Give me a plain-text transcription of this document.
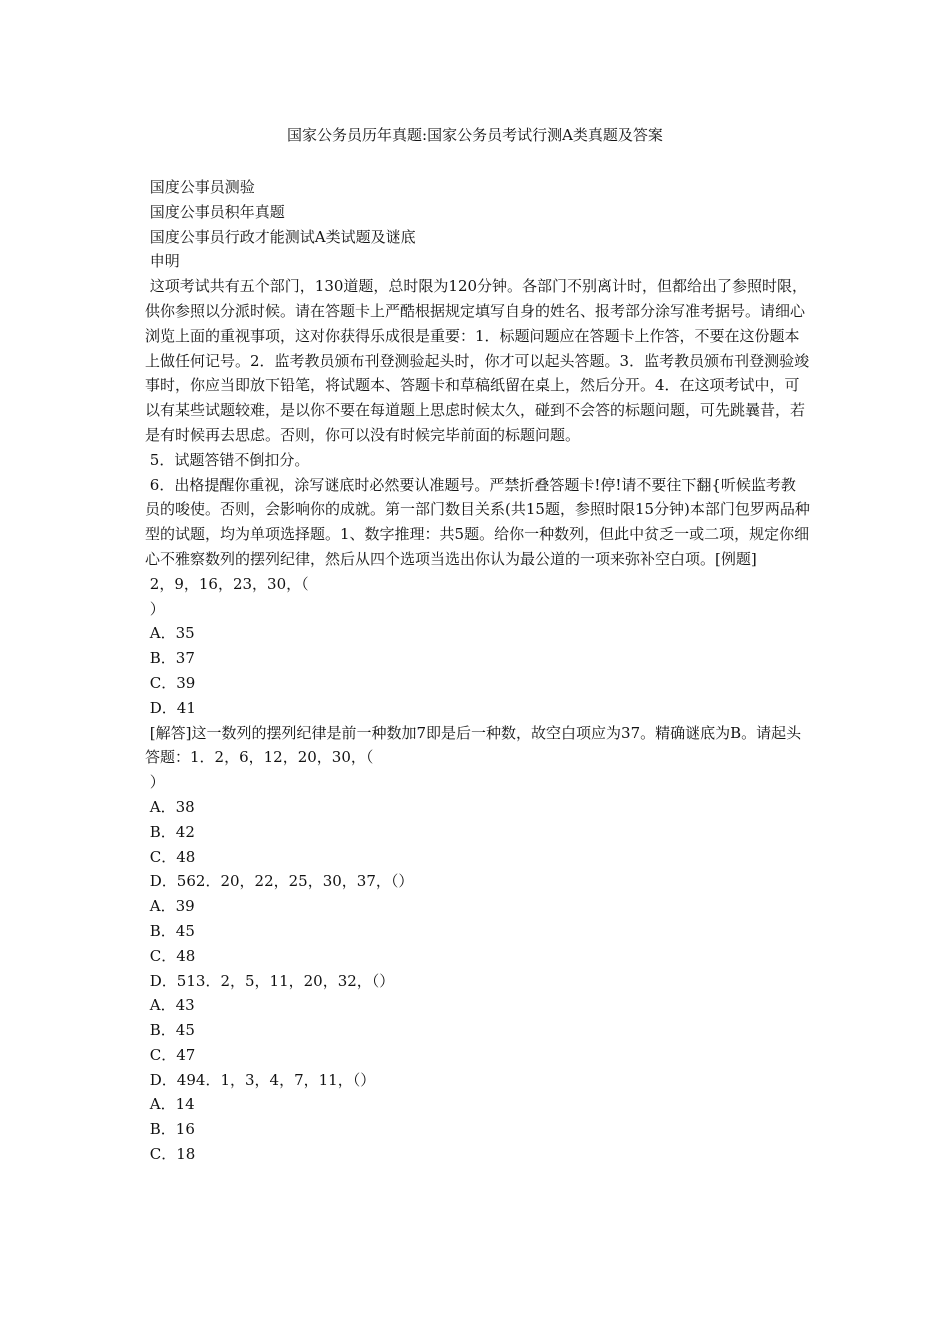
国家公务员历年真题:国家公务员考试行测A类真题及答案

国度公事员测验

国度公事员积年真题

国度公事员行政才能测试A类试题及谜底

申明

这项考试共有五个部门，130道题，总时限为120分钟。各部门不别离计时，但都给出了参照时限，供你参照以分派时候。请在答题卡上严酷根据规定填写自身的姓名、报考部分涂写准考据号。请细心浏览上面的重视事项，这对你获得乐成很是重要：1．标题问题应在答题卡上作答，不要在这份题本上做任何记号。2．监考教员颁布刊登测验起头时，你才可以起头答题。3．监考教员颁布刊登测验竣事时，你应当即放下铅笔，将试题本、答题卡和草稿纸留在桌上，然后分开。4．在这项考试中，可以有某些试题较难，是以你不要在每道题上思虑时候太久，碰到不会答的标题问题，可先跳曩昔，若是有时候再去思虑。否则，你可以没有时候完毕前面的标题问题。

5．试题答错不倒扣分。

6．出格提醒你重视，涂写谜底时必然要认准题号。严禁折叠答题卡!停!请不要往下翻{听候监考教员的唆使。否则，会影响你的成就。第一部门数目关系(共15题，参照时限15分钟)本部门包罗两品种型的试题，均为单项选择题。1、数字推理：共5题。给你一种数列，但此中贫乏一或二项，规定你细心不雅察数列的摆列纪律，然后从四个选项当选出你认为最公道的一项来弥补空白项。[例题]

2，9，16，23，30，（

）

A．35

B．37

C．39

D．41

[解答]这一数列的摆列纪律是前一种数加7即是后一种数，故空白项应为37。精确谜底为B。请起头答题：1．2，6，12，20，30，（

）

A．38

B．42

C．48

D．562．20，22，25，30，37，（）

A．39

B．45

C．48

D．513．2，5，11，20，32，（）

A．43

B．45

C．47

D．494．1，3，4，7，11，（）

A．14

B．16

C．18
